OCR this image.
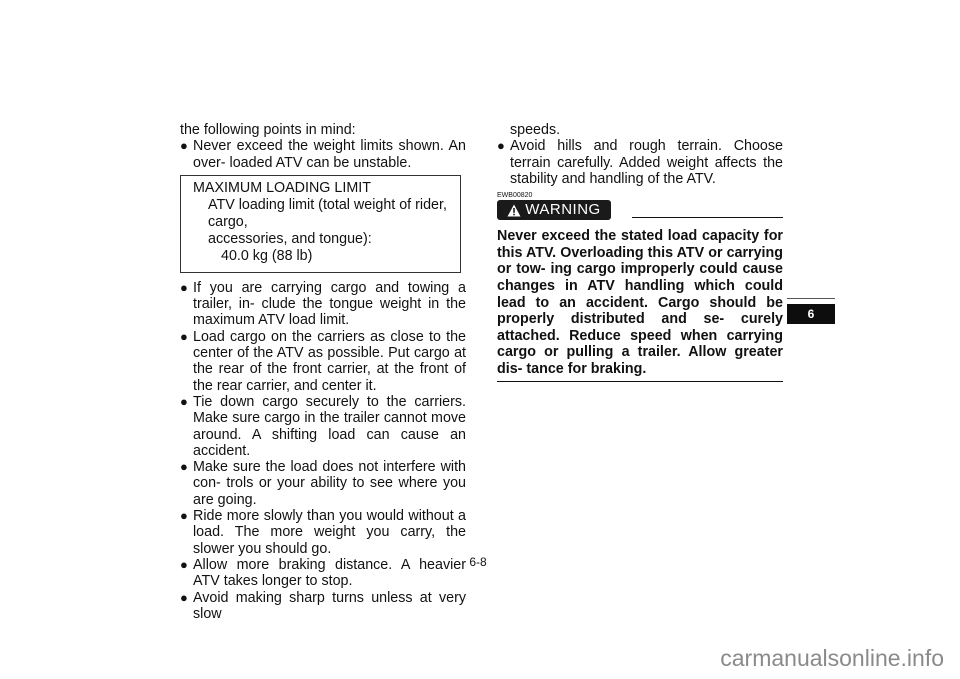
the following points in mind:

● Never exceed the weight limits shown. An over- loaded ATV can be unstable.

MAXIMUM LOADING LIMIT
ATV loading limit (total weight of rider, cargo,
accessories, and tongue):
40.0 kg (88 lb)

● If you are carrying cargo and towing a trailer, in- clude the tongue weight in the maximum ATV load limit.

● Load cargo on the carriers as close to the center of the ATV as possible. Put cargo at the rear of the front carrier, at the front of the rear carrier, and center it.

● Tie down cargo securely to the carriers. Make sure cargo in the trailer cannot move around. A shifting load can cause an accident.

● Make sure the load does not interfere with con- trols or your ability to see where you are going.

● Ride more slowly than you would without a load. The more weight you carry, the slower you should go.

● Allow more braking distance. A heavier ATV takes longer to stop.

● Avoid making sharp turns unless at very slow

speeds.

● Avoid hills and rough terrain. Choose terrain carefully. Added weight affects the stability and handling of the ATV.

EWB00820
WARNING
Never exceed the stated load capacity for this ATV. Overloading this ATV or carrying or tow- ing cargo improperly could cause changes in ATV handling which could lead to an accident. Cargo should be properly distributed and se- curely attached. Reduce speed when carrying cargo or pulling a trailer. Allow greater dis- tance for braking.
6-8
6
carmanualsonline.info
